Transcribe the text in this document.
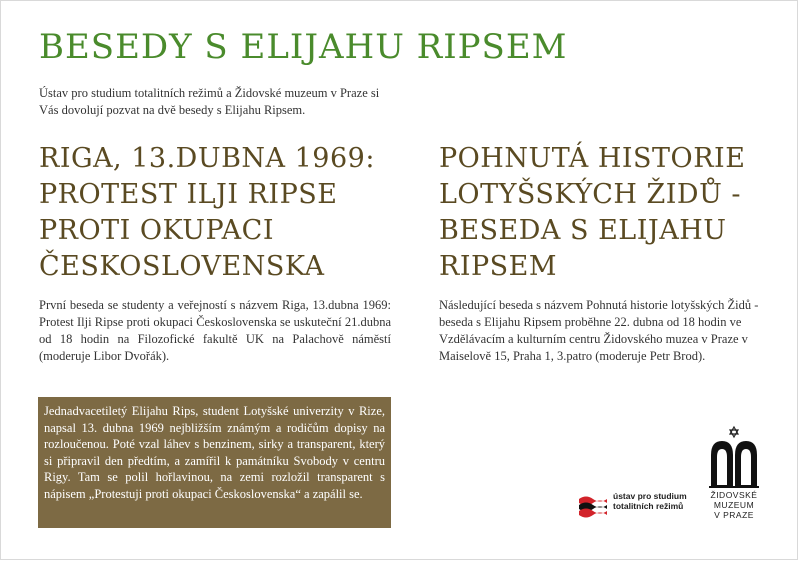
BESEDY S ELIJAHU RIPSEM

Ústav pro studium totalitních režimů a Židovské muzeum v Praze si Vás dovolují pozvat na dvě besedy s Elijahu Ripsem.

RIGA, 13.DUBNA 1969: PROTEST ILJI RIPSE PROTI OKUPACI ČESKOSLOVENSKA
POHNUTÁ HISTORIE LOTYŠSKÝCH ŽIDŮ - BESEDA S ELIJAHU RIPSEM

První beseda se studenty a veřejností s názvem Riga, 13.dubna 1969: Protest Ilji Ripse proti okupaci Československa se uskuteční 21.dubna od 18 hodin na Filozofické fakultě UK na Palachově náměstí (moderuje Libor Dvořák).

Následující beseda s názvem Pohnutá historie lotyšských Židů - beseda s Elijahu Ripsem proběhne 22. dubna od 18 hodin ve Vzdělávacím a kulturním centru Židovského muzea v Praze v Maiselově 15, Praha 1, 3.patro (moderuje Petr Brod).

Jednadvacetiletý Elijahu Rips, student Lotyšské univerzity v Rize, napsal 13. dubna 1969 nejbližším známým a rodičům dopisy na rozloučenou. Poté vzal láhev s benzinem, sirky a transparent, který si připravil den předtím, a zamířil k památníku Svobody v centru Rigy. Tam se polil hořlavinou, na zemi rozložil transparent s nápisem „Protestuji proti okupaci Československa“ a zapálil se.	ústav pro studium
totalitních režimů

ŽIDOVSKÉ
MUZEUM
V PRAZE
